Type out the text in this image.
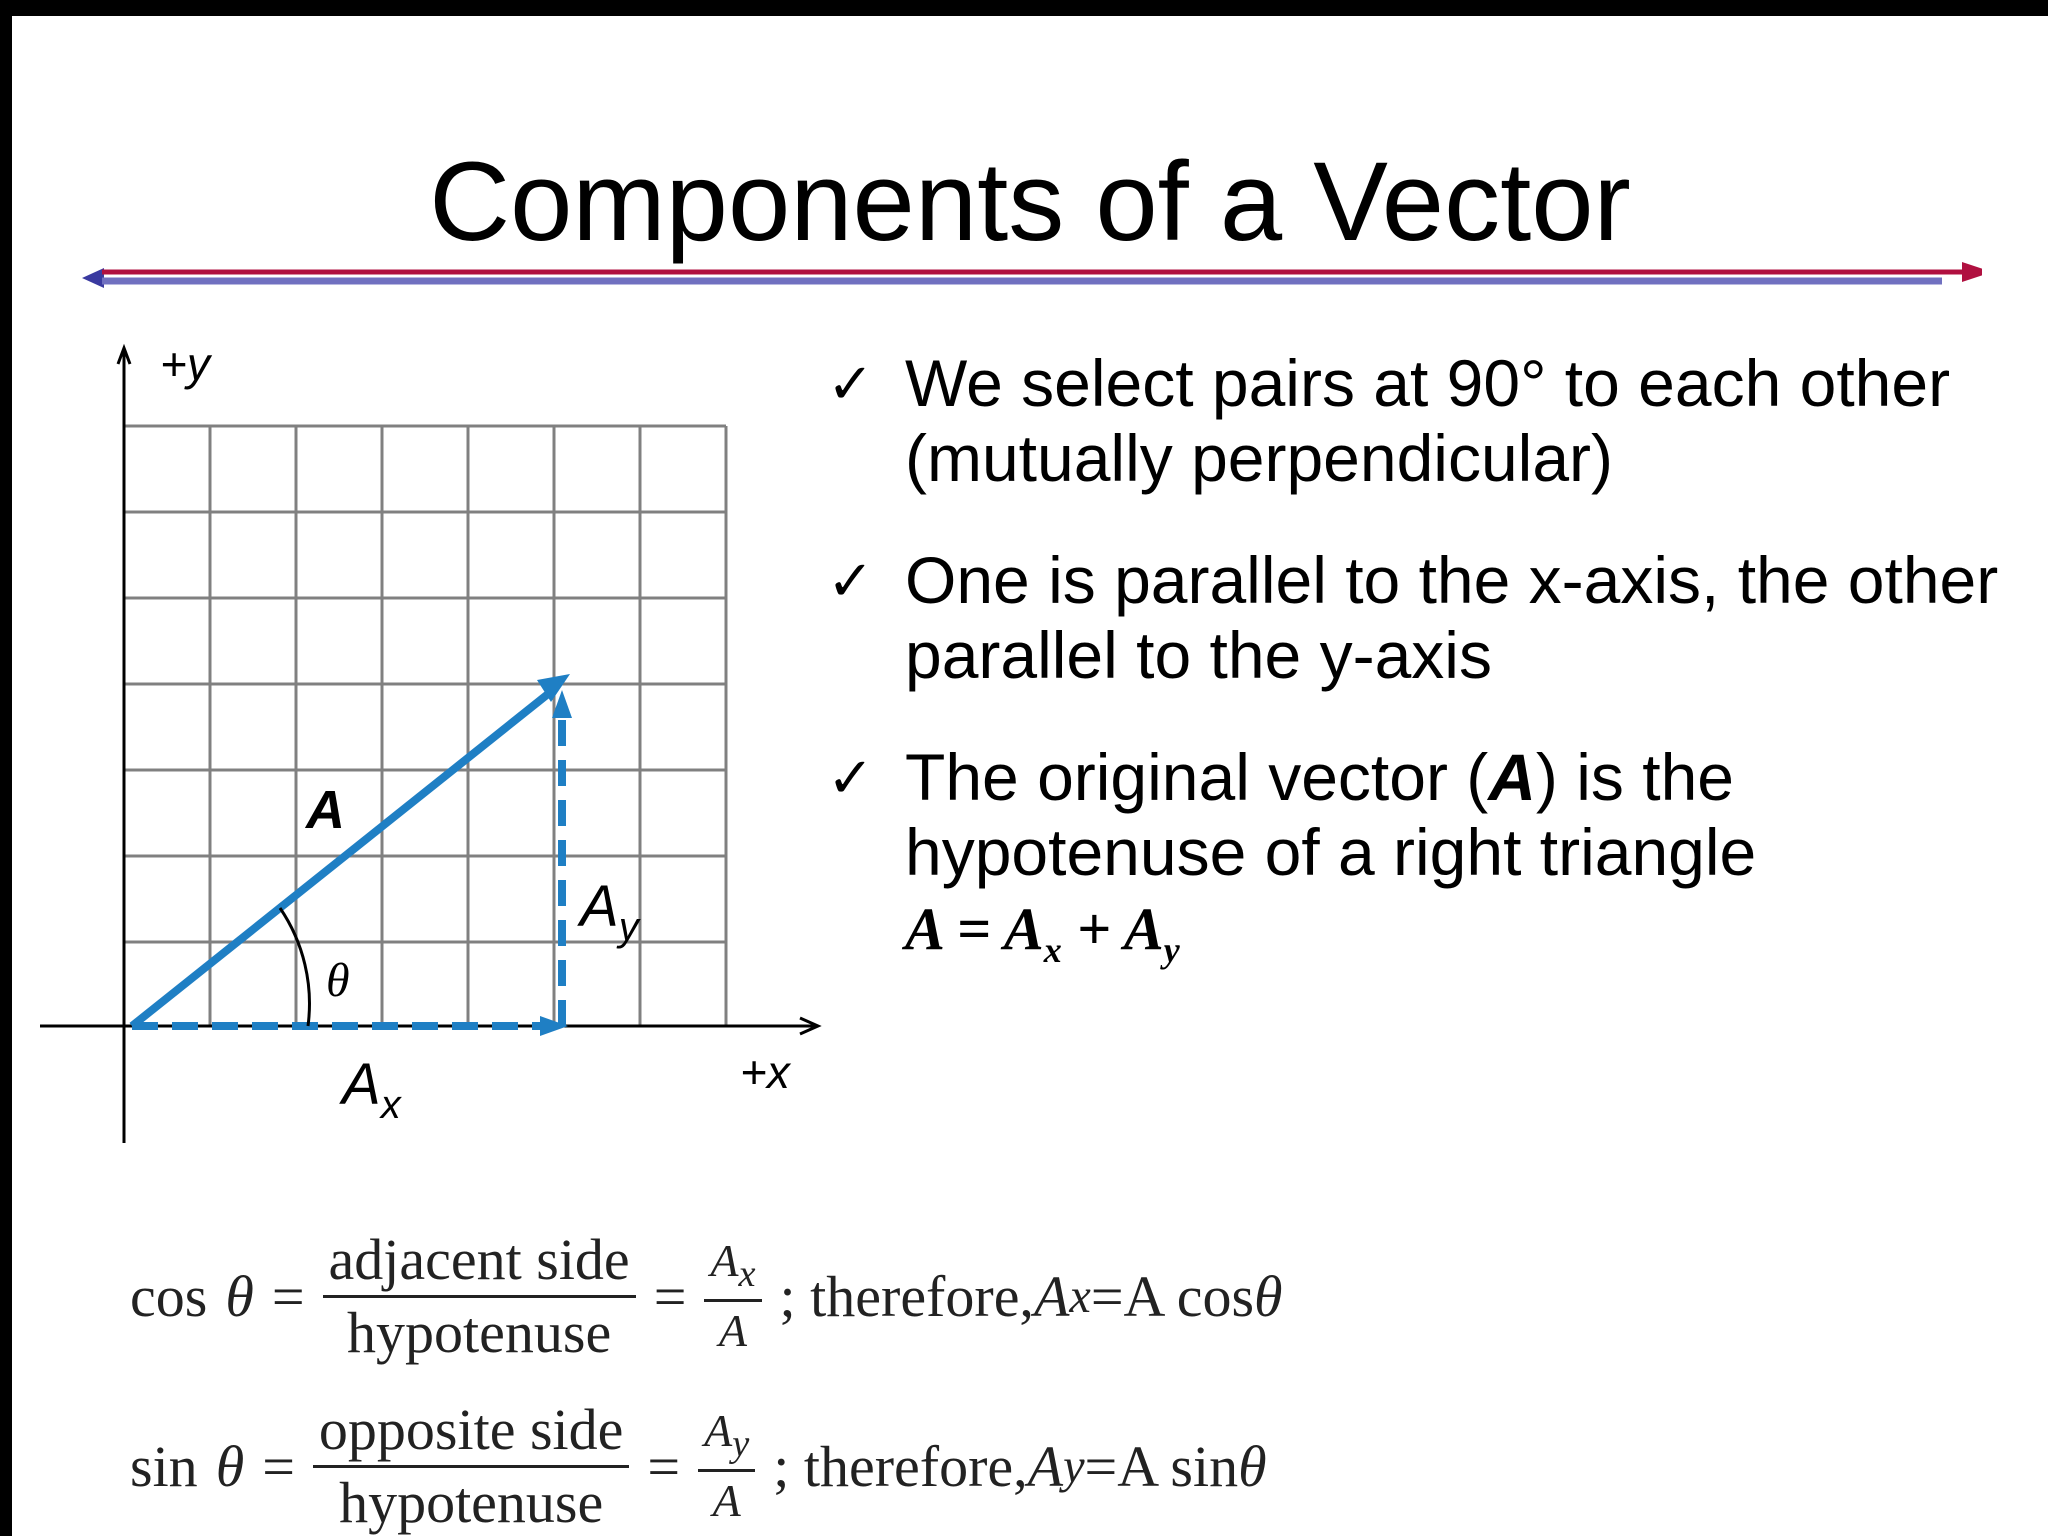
Components of a Vector
+y
+x
A
θ
$A_x$
$A_y$
✓ We select pairs at 90° to each other (mutually perpendicular)
✓ One is parallel to the x-axis, the other parallel to the y-axis
✓ The original vector (A) is the hypotenuse of a right triangle
$A = A_x + A_y$
$\cos \theta = \frac{\text{adjacent side}}{\text{hypotenuse}} = \frac{A_x}{A}$ ; therefore, A x = A cos θ
$\sin \theta = \frac{\text{opposite side}}{\text{hypotenuse}} = \frac{A_y}{A}$ ; therefore, A y = A sin θ
